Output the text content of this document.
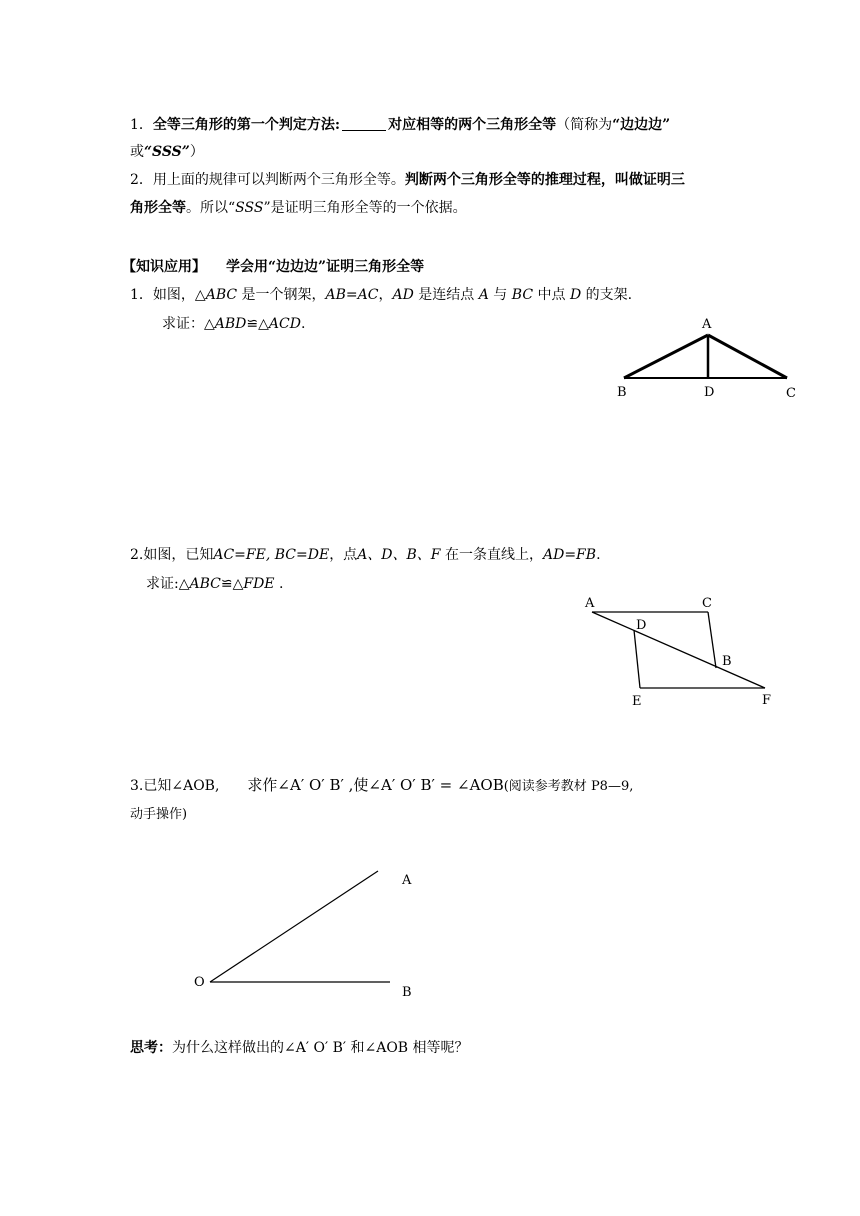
1．全等三角形的第一个判定方法:	对应相等的两个三角形全等（简称为“边边边”
或“SSS”）
2．用上面的规律可以判断两个三角形全等。判断两个三角形全等的推理过程，叫做证明三
角形全等。所以“SSS”是证明三角形全等的一个依据。
【知识应用】 学会用“边边边”证明三角形全等
1．如图，△ABC 是一个钢架，AB=AC，AD 是连结点 A 与 BC 中点 D 的支架.
求证：△ABD≌△ACD.	A
B	D	C
A	C
D
B
E	F
A
O
B
2.如图，已知AC=FE, BC=DE，点A、D、B、F 在一条直线上，AD=FB.
求证:△ABC≌△FDE .
3.已知∠AOB, 求作∠A′ O′ B′ ,使∠A′ O′ B′ = ∠AOB(阅读参考教材 P8—9,
动手操作)
思考：为什么这样做出的∠A′ O′ B′ 和∠AOB 相等呢？
